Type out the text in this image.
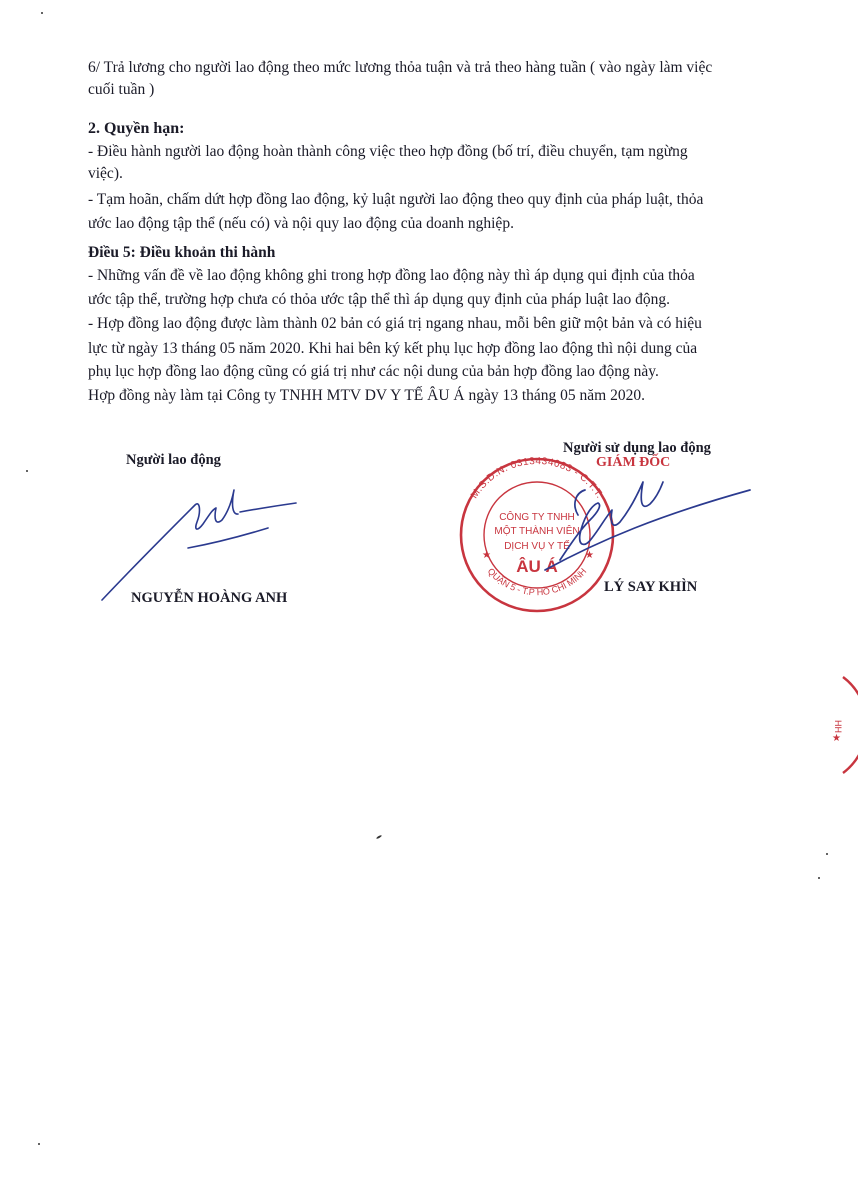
6/ Trả lương cho người lao động theo mức lương thỏa tuận và trả theo hàng tuần ( vào ngày làm việc
cuối tuần )
2. Quyền hạn:
- Điều hành người lao động hoàn thành công việc theo hợp đồng (bố trí, điều chuyển, tạm ngừng
việc).
- Tạm hoãn, chấm dứt hợp đồng lao động, kỷ luật người lao động theo quy định của pháp luật, thỏa
ước lao động tập thể (nếu có) và nội quy lao động của doanh nghiệp.
Điều 5: Điều khoản thi hành
- Những vấn đề về lao động không ghi trong hợp đồng lao động này thì áp dụng qui định của thỏa
ước tập thể, trường hợp chưa có thỏa ước tập thể thì áp dụng quy định của pháp luật lao động.
- Hợp đồng lao động được làm thành 02 bản có giá trị ngang nhau, mỗi bên giữ một bản và có hiệu
lực từ ngày 13 tháng 05 năm 2020. Khi hai bên ký kết phụ lục hợp đồng lao động thì nội dung của
phụ lục hợp đồng lao động cũng có giá trị như các nội dung của bản hợp đồng lao động này.
Hợp đồng này làm tại Công ty TNHH MTV DV Y TẾ ÂU Á ngày 13 tháng 05 năm 2020.
Người lao động
Người sử dụng lao động
NGUYỄN HOÀNG ANH
LÝ SAY KHÌN
M.S.D.N: 0313434083 - C.T.T.
QUẬN 5 - T.P HỒ CHÍ MINH
★	★
CÔNG TY TNHH
MỘT THÀNH VIÊN
DỊCH VỤ Y TẾ
ÂU Á
GIÁM ĐỐC
HH
★
